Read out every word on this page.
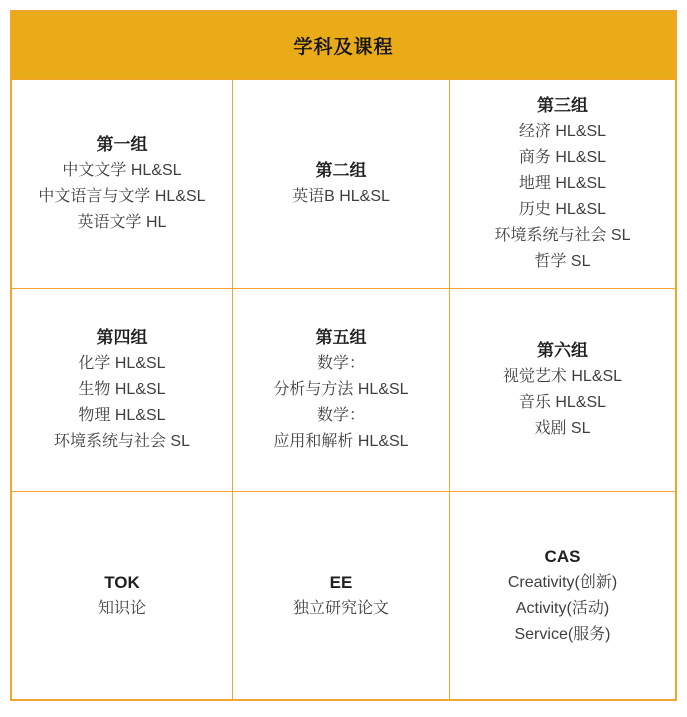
学科及课程
第一组
中文文学 HL&SL
中文语言与文学 HL&SL
英语文学 HL
第二组
英语B HL&SL
第三组
经济 HL&SL
商务 HL&SL
地理 HL&SL
历史 HL&SL
环境系统与社会 SL
哲学 SL
第四组
化学 HL&SL
生物 HL&SL
物理 HL&SL
环境系统与社会 SL
第五组
数学：
分析与方法 HL&SL
数学：
应用和解析 HL&SL
第六组
视觉艺术 HL&SL
音乐 HL&SL
戏剧 SL
TOK
知识论
EE
独立研究论文
CAS
Creativity(创新)
Activity(活动)
Service(服务)
